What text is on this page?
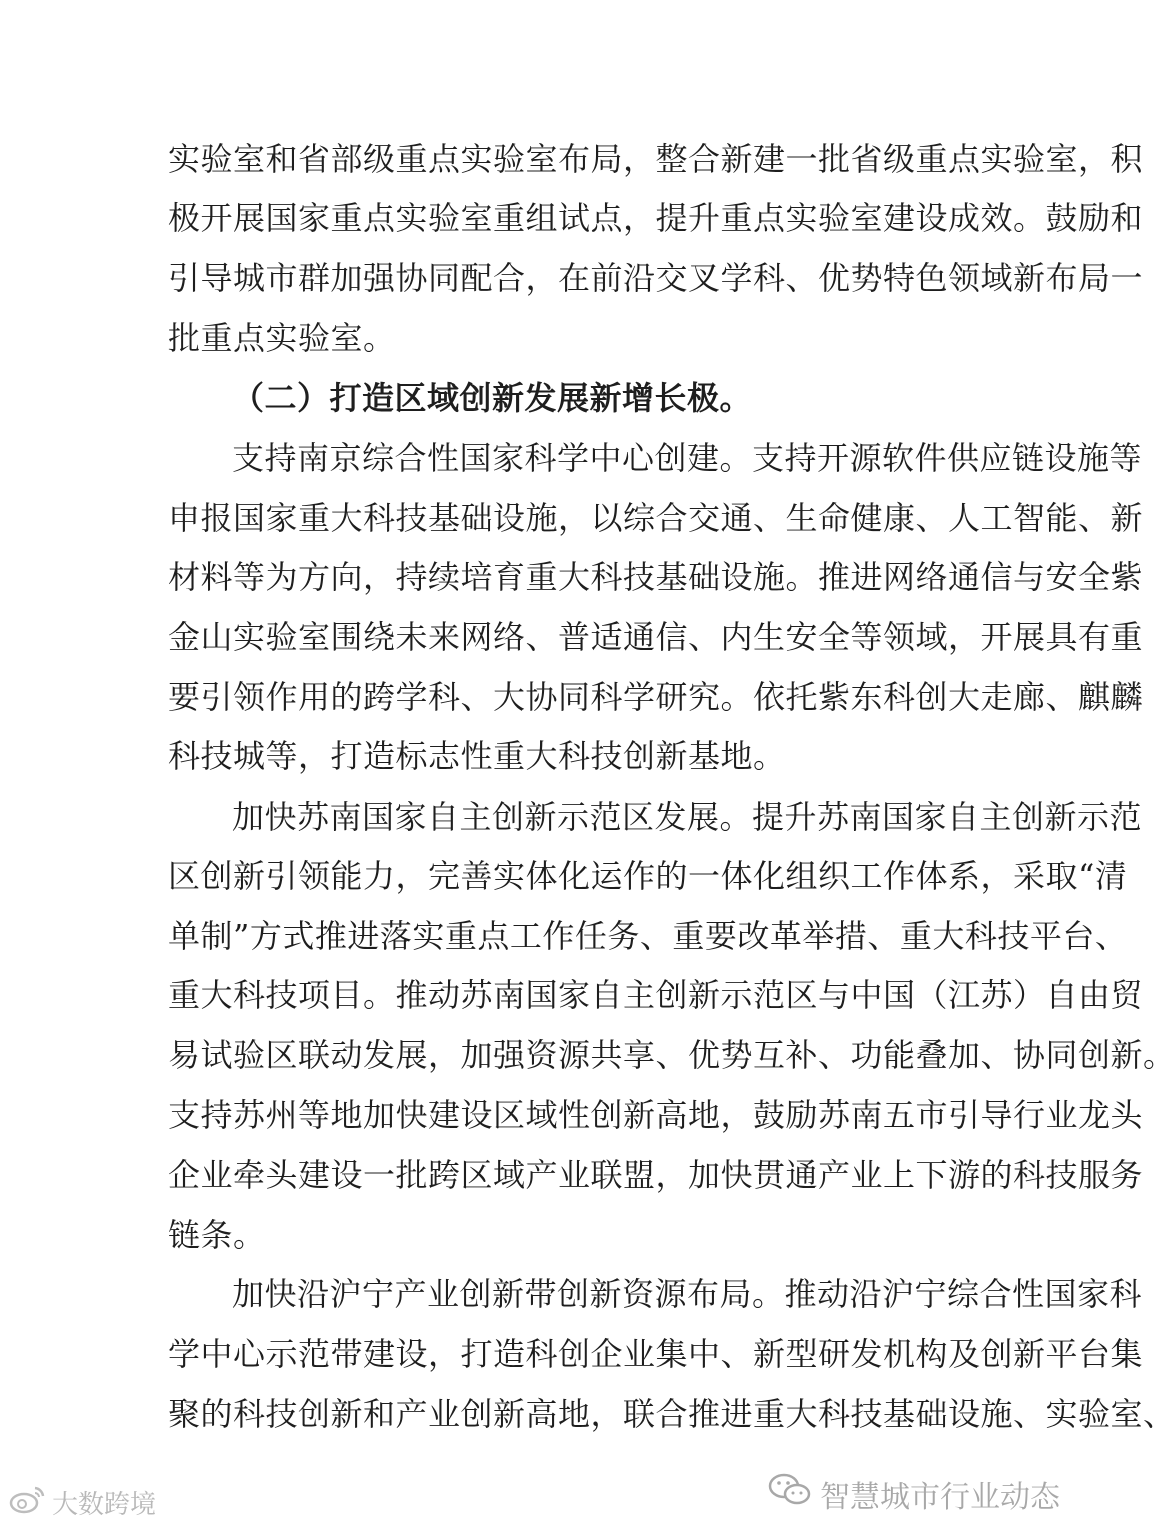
实验室和省部级重点实验室布局，整合新建一批省级重点实验室，积
极开展国家重点实验室重组试点，提升重点实验室建设成效。鼓励和
引导城市群加强协同配合，在前沿交叉学科、优势特色领域新布局一
批重点实验室。
（二）打造区域创新发展新增长极。
支持南京综合性国家科学中心创建。支持开源软件供应链设施等
申报国家重大科技基础设施，以综合交通、生命健康、人工智能、新
材料等为方向，持续培育重大科技基础设施。推进网络通信与安全紫
金山实验室围绕未来网络、普适通信、内生安全等领域，开展具有重
要引领作用的跨学科、大协同科学研究。依托紫东科创大走廊、麒麟
科技城等，打造标志性重大科技创新基地。
加快苏南国家自主创新示范区发展。提升苏南国家自主创新示范
区创新引领能力，完善实体化运作的一体化组织工作体系，采取“清
单制”方式推进落实重点工作任务、重要改革举措、重大科技平台、
重大科技项目。推动苏南国家自主创新示范区与中国（江苏）自由贸
易试验区联动发展，加强资源共享、优势互补、功能叠加、协同创新。
支持苏州等地加快建设区域性创新高地，鼓励苏南五市引导行业龙头
企业牵头建设一批跨区域产业联盟，加快贯通产业上下游的科技服务
链条。
加快沿沪宁产业创新带创新资源布局。推动沿沪宁综合性国家科
学中心示范带建设，打造科创企业集中、新型研发机构及创新平台集
聚的科技创新和产业创新高地，联合推进重大科技基础设施、实验室、
大数跨境	智慧城市行业动态
